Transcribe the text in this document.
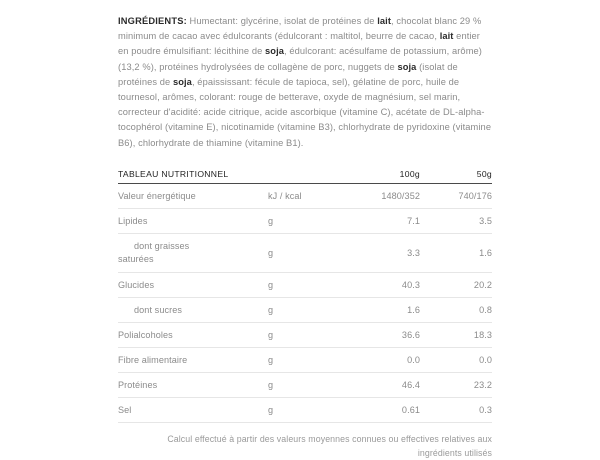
INGRÉDIENTS: Humectant: glycérine, isolat de protéines de lait, chocolat blanc 29 % minimum de cacao avec édulcorants (édulcorant : maltitol, beurre de cacao, lait entier en poudre émulsifiant: lécithine de soja, édulcorant: acésulfame de potassium, arôme) (13,2 %), protéines hydrolysées de collagène de porc, nuggets de soja (isolat de protéines de soja, épaississant: fécule de tapioca, sel), gélatine de porc, huile de tournesol, arômes, colorant: rouge de betterave, oxyde de magnésium, sel marin, correcteur d'acidité: acide citrique, acide ascorbique (vitamine C), acétate de DL-alpha-tocophérol (vitamine E), nicotinamide (vitamine B3), chlorhydrate de pyridoxine (vitamine B6), chlorhydrate de thiamine (vitamine B1).

TABLEAU NUTRITIONNEL		100g	50g
Valeur énergétique	kJ / kcal	1480/352	740/176
Lipides	g	7.1	3.5
dont graisses
saturées	g	3.3	1.6
Glucides	g	40.3	20.2
dont sucres	g	1.6	0.8
Polialcoholes	g	36.6	18.3
Fibre alimentaire	g	0.0	0.0
Protéines	g	46.4	23.2
Sel	g	0.61	0.3
Calcul effectué à partir des valeurs moyennes connues ou effectives relatives aux ingrédients utilisés
